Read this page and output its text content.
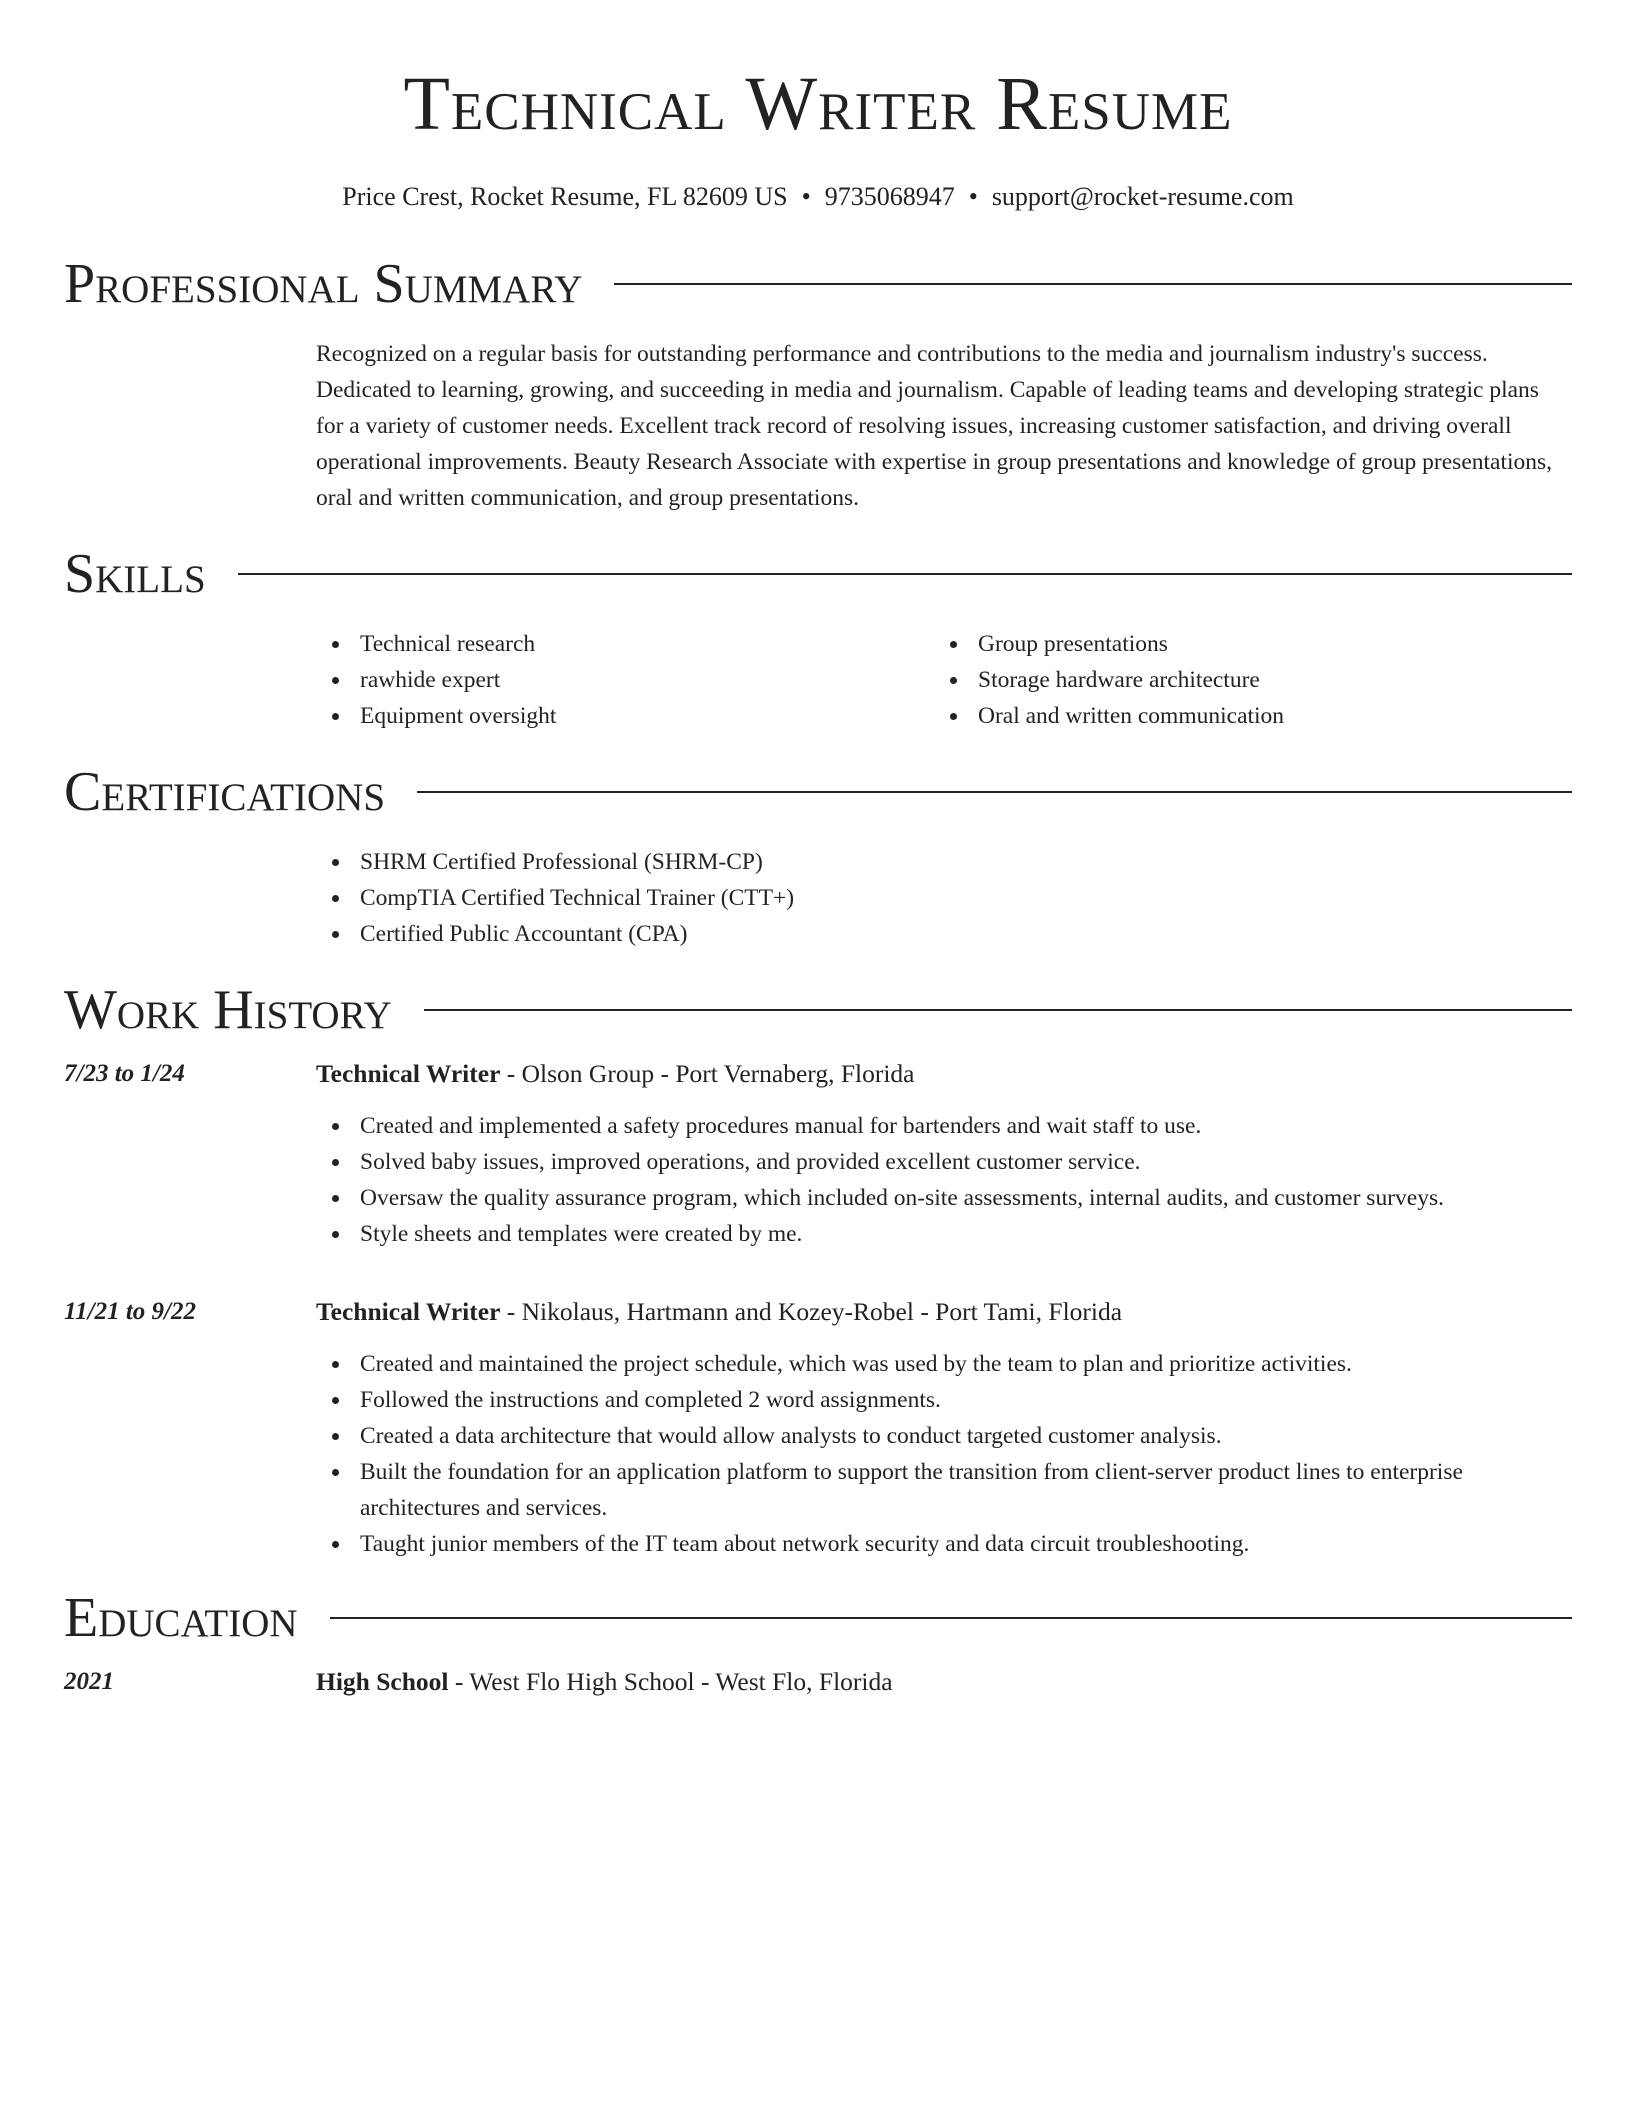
Technical Writer Resume
Price Crest, Rocket Resume, FL 82609 US • 9735068947 • support@rocket-resume.com
Professional Summary
Recognized on a regular basis for outstanding performance and contributions to the media and journalism industry's success. Dedicated to learning, growing, and succeeding in media and journalism. Capable of leading teams and developing strategic plans for a variety of customer needs. Excellent track record of resolving issues, increasing customer satisfaction, and driving overall operational improvements. Beauty Research Associate with expertise in group presentations and knowledge of group presentations, oral and written communication, and group presentations.
Skills
Technical research
rawhide expert
Equipment oversight
Group presentations
Storage hardware architecture
Oral and written communication
Certifications
SHRM Certified Professional (SHRM-CP)
CompTIA Certified Technical Trainer (CTT+)
Certified Public Accountant (CPA)
Work History
7/23 to 1/24	Technical Writer - Olson Group - Port Vernaberg, Florida
Created and implemented a safety procedures manual for bartenders and wait staff to use.
Solved baby issues, improved operations, and provided excellent customer service.
Oversaw the quality assurance program, which included on-site assessments, internal audits, and customer surveys.
Style sheets and templates were created by me.
11/21 to 9/22	Technical Writer - Nikolaus, Hartmann and Kozey-Robel - Port Tami, Florida
Created and maintained the project schedule, which was used by the team to plan and prioritize activities.
Followed the instructions and completed 2 word assignments.
Created a data architecture that would allow analysts to conduct targeted customer analysis.
Built the foundation for an application platform to support the transition from client-server product lines to enterprise architectures and services.
Taught junior members of the IT team about network security and data circuit troubleshooting.
Education
2021	High School - West Flo High School - West Flo, Florida
